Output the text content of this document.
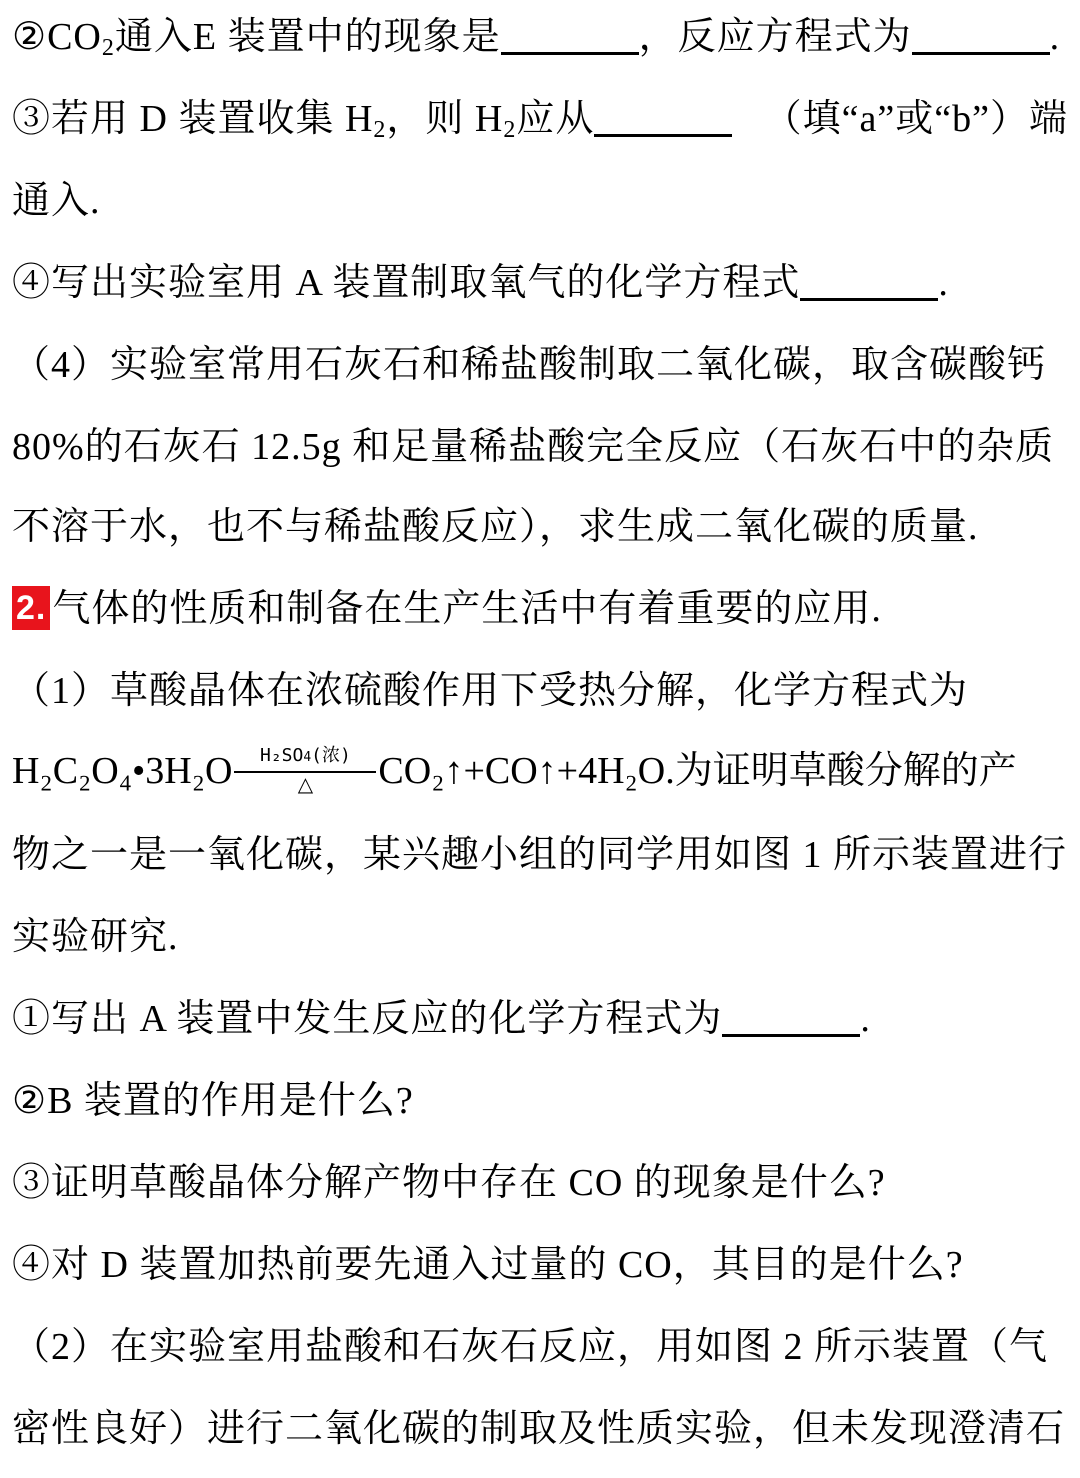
$②CO_2$通入E 装置中的现象是	，反应方程式为	.
③若用 D 装置收集 $H_2$，则 $H_2$应从	（填“a”或“b”）端
通入.
④写出实验室用 A 装置制取氧气的化学方程式	.
（4）实验室常用石灰石和稀盐酸制取二氧化碳，取含碳酸钙
80%的石灰石 12.5g 和足量稀盐酸完全反应（石灰石中的杂质
不溶于水，也不与稀盐酸反应），求生成二氧化碳的质量.
2. 气体的性质和制备在生产生活中有着重要的应用.
（1）草酸晶体在浓硫酸作用下受热分解，化学方程式为
H₂C₂O₄•3H₂O	H₂SO4(浓)
△	CO₂↑+CO↑+4H₂O.为证明草酸分解的产
物之一是一氧化碳，某兴趣小组的同学用如图 1 所示装置进行
实验研究.
①写出 A 装置中发生反应的化学方程式为	.
②B 装置的作用是什么?
③证明草酸晶体分解产物中存在 CO 的现象是什么?
④对 D 装置加热前要先通入过量的 CO，其目的是什么?
（2）在实验室用盐酸和石灰石反应，用如图 2 所示装置（气
密性良好）进行二氧化碳的制取及性质实验，但未发现澄清石
